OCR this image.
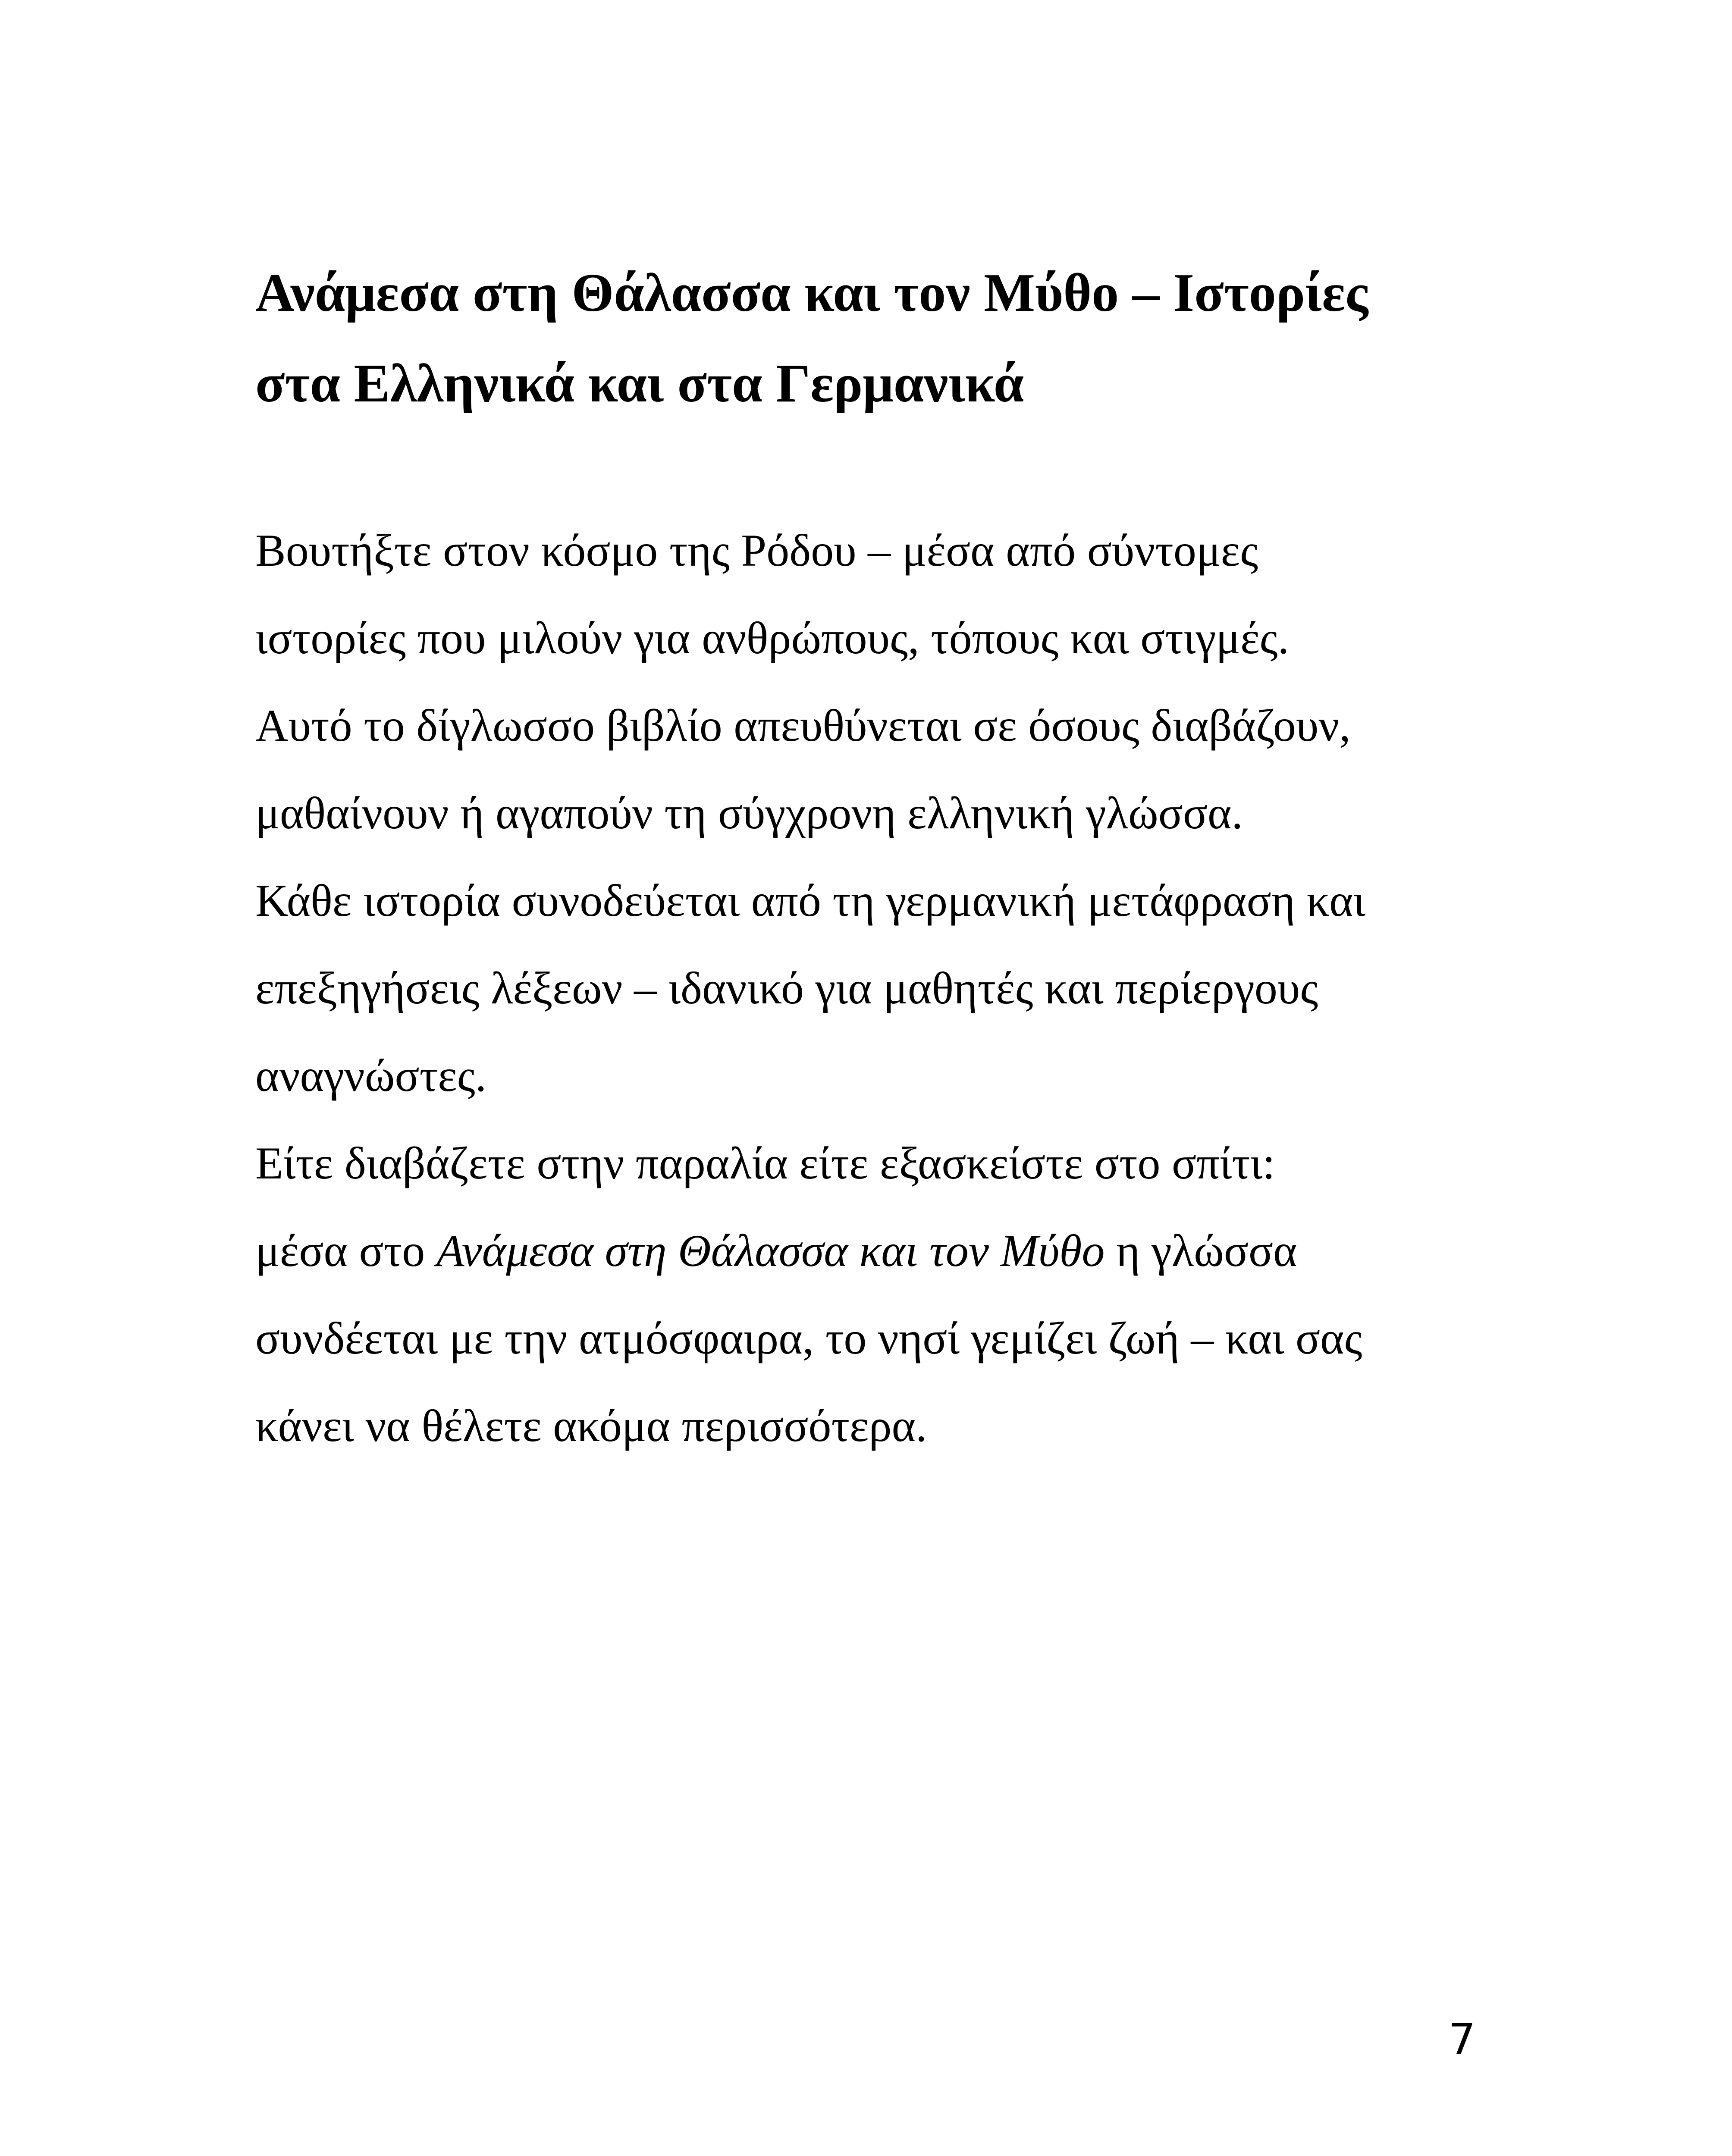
Ανάμεσα στη Θάλασσα και τον Μύθο – Ιστορίες
στα Ελληνικά και στα Γερμανικά
Βουτήξτε στον κόσμο της Ρόδου – μέσα από σύντομες
ιστορίες που μιλούν για ανθρώπους, τόπους και στιγμές.
Αυτό το δίγλωσσο βιβλίο απευθύνεται σε όσους διαβάζουν,
μαθαίνουν ή αγαπούν τη σύγχρονη ελληνική γλώσσα.
Κάθε ιστορία συνοδεύεται από τη γερμανική μετάφραση και
επεξηγήσεις λέξεων – ιδανικό για μαθητές και περίεργους
αναγνώστες.
Είτε διαβάζετε στην παραλία είτε εξασκείστε στο σπίτι:
μέσα στο Ανάμεσα στη Θάλασσα και τον Μύθο η γλώσσα
συνδέεται με την ατμόσφαιρα, το νησί γεμίζει ζωή – και σας
κάνει να θέλετε ακόμα περισσότερα.
7
